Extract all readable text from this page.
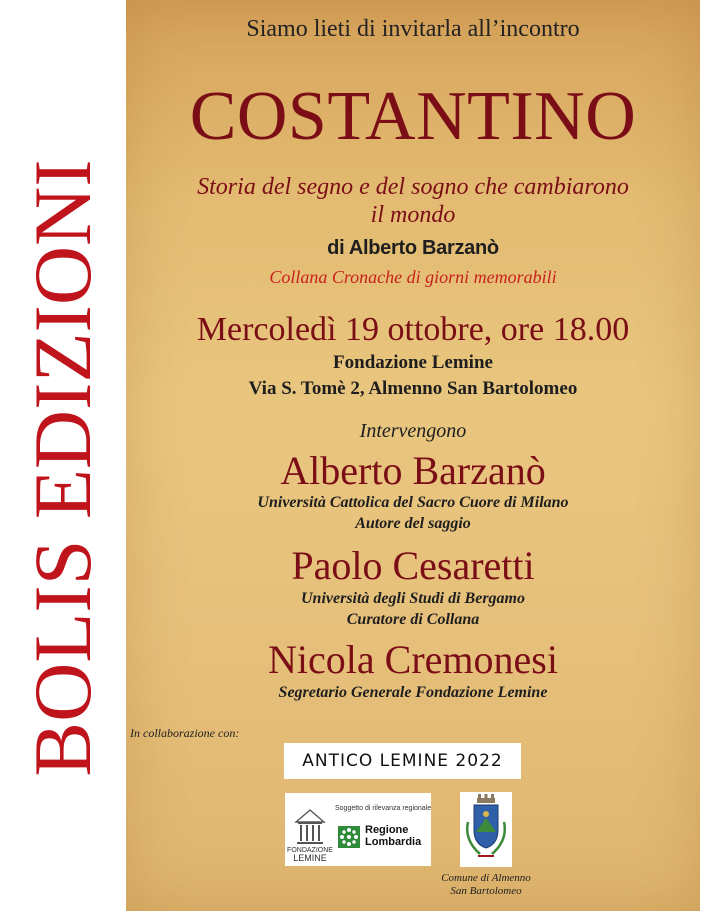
BOLIS EDIZIONI
Siamo lieti di invitarla all’incontro
COSTANTINO
Storia del segno e del sogno che cambiarono
il mondo
di Alberto Barzanò
Collana Cronache di giorni memorabili
Mercoledì 19 ottobre, ore 18.00
Fondazione Lemine
Via S. Tomè 2, Almenno San Bartolomeo
Intervengono
Alberto Barzanò
Università Cattolica del Sacro Cuore di Milano
Autore del saggio
Paolo Cesaretti
Università degli Studi di Bergamo
Curatore di Collana
Nicola Cremonesi
Segretario Generale Fondazione Lemine
In collaborazione con:
ANTICO LEMINE 2022
FONDAZIONE
LEMINE
Soggetto di rilevanza regionale
Regione
Lombardia
Comune di Almenno
San Bartolomeo
